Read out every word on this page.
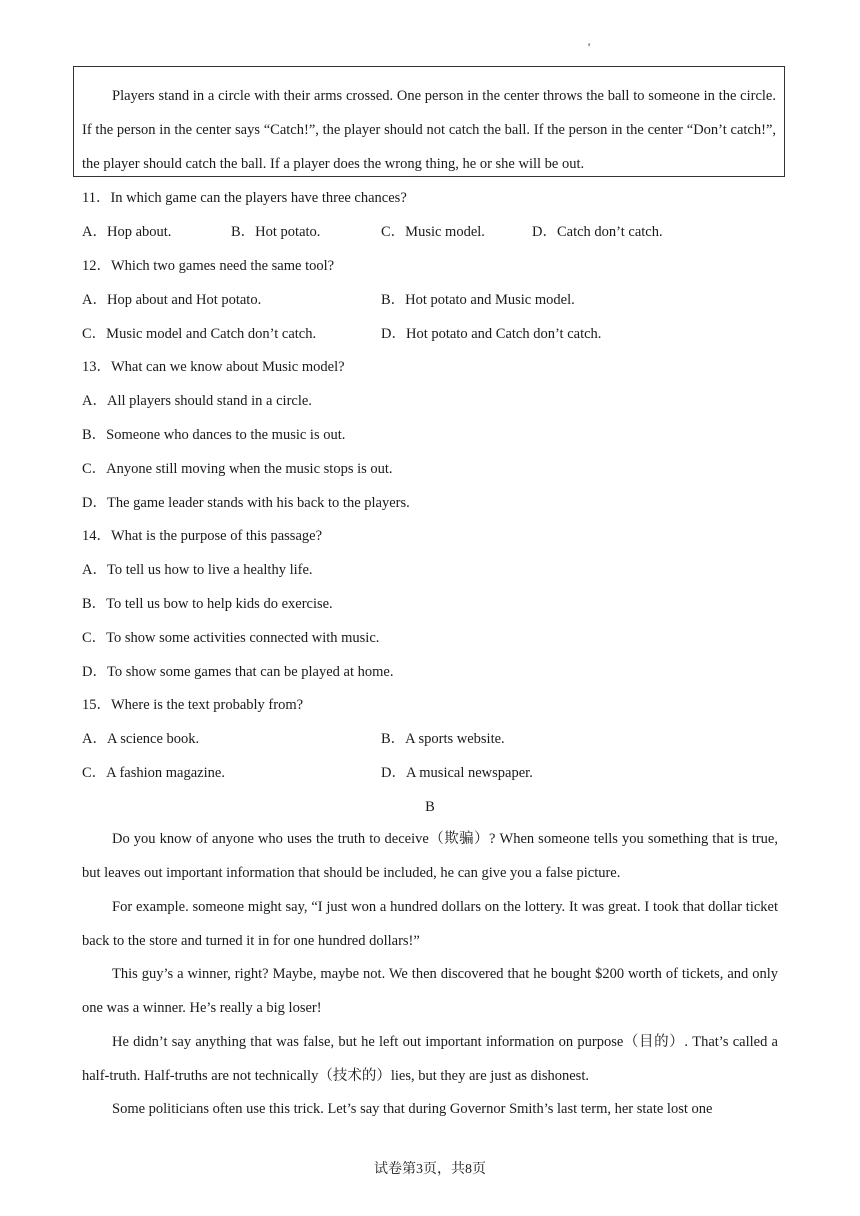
'

Players stand in a circle with their arms crossed. One person in the center throws the ball to someone in the circle. If the person in the center says “Catch!”, the player should not catch the ball. If the person in the center “Don’t catch!”, the player should catch the ball. If a player does the wrong thing, he or she will be out.

11．In which game can the players have three chances?
A．Hop about.	B．Hot potato.	C．Music model.	D．Catch don’t catch.
12．Which two games need the same tool?
A．Hop about and Hot potato.	B．Hot potato and Music model.
C．Music model and Catch don’t catch.	D．Hot potato and Catch don’t catch.
13．What can we know about Music model?
A．All players should stand in a circle.
B．Someone who dances to the music is out.
C．Anyone still moving when the music stops is out.
D．The game leader stands with his back to the players.
14．What is the purpose of this passage?
A．To tell us how to live a healthy life.
B．To tell us bow to help kids do exercise.
C．To show some activities connected with music.
D．To show some games that can be played at home.
15．Where is the text probably from?
A．A science book.	B．A sports website.
C．A fashion magazine.	D．A musical newspaper.
B

Do you know of anyone who uses the truth to deceive（欺骗）? When someone tells you something that is true, but leaves out important information that should be included, he can give you a false picture.

For example. someone might say, “I just won a hundred dollars on the lottery. It was great. I took that dollar ticket back to the store and turned it in for one hundred dollars!”

This guy’s a winner, right? Maybe, maybe not. We then discovered that he bought $200 worth of tickets, and only one was a winner. He’s really a big loser!

He didn’t say anything that was false, but he left out important information on purpose（目的）. That’s called a half-truth. Half-truths are not technically（技术的）lies, but they are just as dishonest.

Some politicians often use this trick. Let’s say that during Governor Smith’s last term, her state lost one

试卷第3页，共8页
